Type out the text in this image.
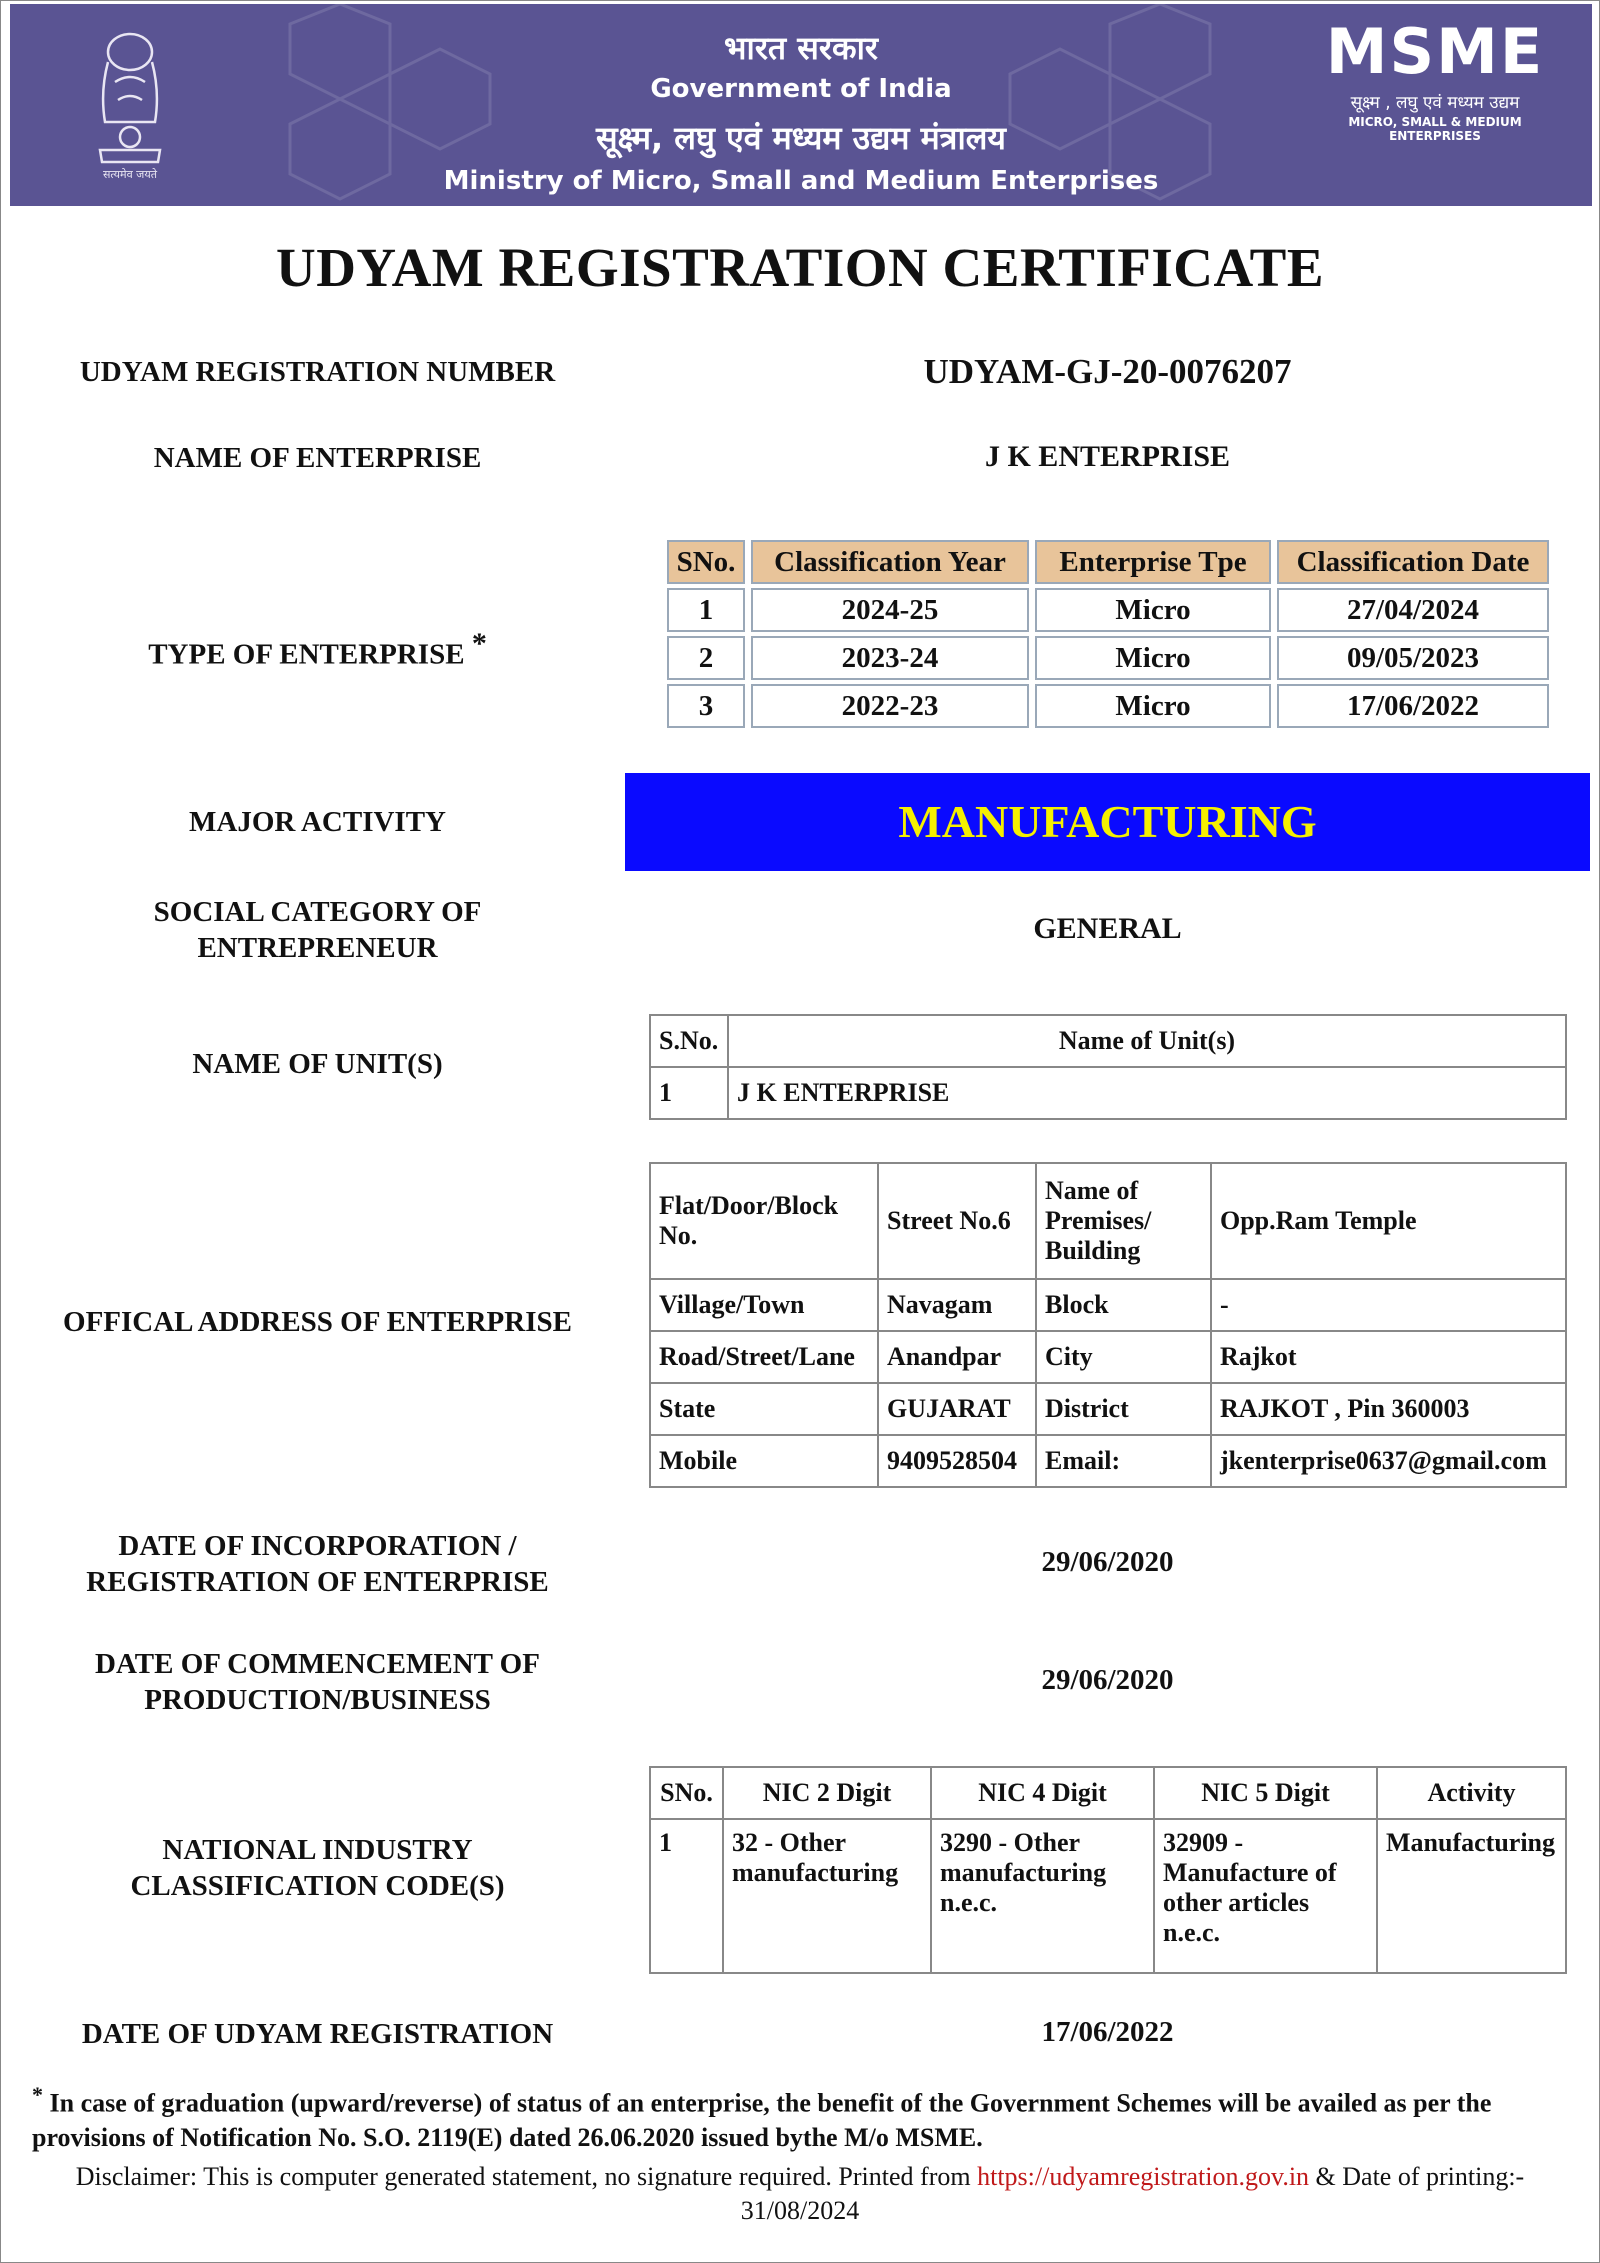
सत्यमेव जयते
भारत सरकार
Government of India
सूक्ष्म, लघु एवं मध्यम उद्यम मंत्रालय
Ministry of Micro, Small and Medium Enterprises
MSME
सूक्ष्म , लघु एवं मध्यम उद्यम
MICRO, SMALL & MEDIUM ENTERPRISES
UDYAM REGISTRATION CERTIFICATE
UDYAM REGISTRATION NUMBER	UDYAM-GJ-20-0076207
NAME OF ENTERPRISE	J K ENTERPRISE
TYPE OF ENTERPRISE *
SNo.	Classification Year	Enterprise Tpe	Classification Date
1	2024-25	Micro	27/04/2024
2	2023-24	Micro	09/05/2023
3	2022-23	Micro	17/06/2022
MAJOR ACTIVITY	MANUFACTURING
SOCIAL CATEGORY OF
ENTREPRENEUR
GENERAL
NAME OF UNIT(S)
S.No.	Name of Unit(s)
1	J K ENTERPRISE
OFFICAL ADDRESS OF ENTERPRISE
Flat/Door/Block No.	Street No.6	Name of Premises/ Building	Opp.Ram Temple
Village/Town	Navagam	Block	-
Road/Street/Lane	Anandpar	City	Rajkot
State	GUJARAT	District	RAJKOT , Pin 360003
Mobile	9409528504	Email:	jkenterprise0637@gmail.com
DATE OF INCORPORATION /
REGISTRATION OF ENTERPRISE
29/06/2020
DATE OF COMMENCEMENT OF
PRODUCTION/BUSINESS
29/06/2020
NATIONAL INDUSTRY
CLASSIFICATION CODE(S)
SNo.	NIC 2 Digit	NIC 4 Digit	NIC 5 Digit	Activity
1	32 - Other manufacturing	3290 - Other manufacturing n.e.c.	32909 - Manufacture of other articles n.e.c.	Manufacturing
DATE OF UDYAM REGISTRATION	17/06/2022
* In case of graduation (upward/reverse) of status of an enterprise, the benefit of the Government Schemes will be availed as per the provisions of Notification No. S.O. 2119(E) dated 26.06.2020 issued bythe M/o MSME.
Disclaimer: This is computer generated statement, no signature required. Printed from https://udyamregistration.gov.in & Date of printing:- 31/08/2024
